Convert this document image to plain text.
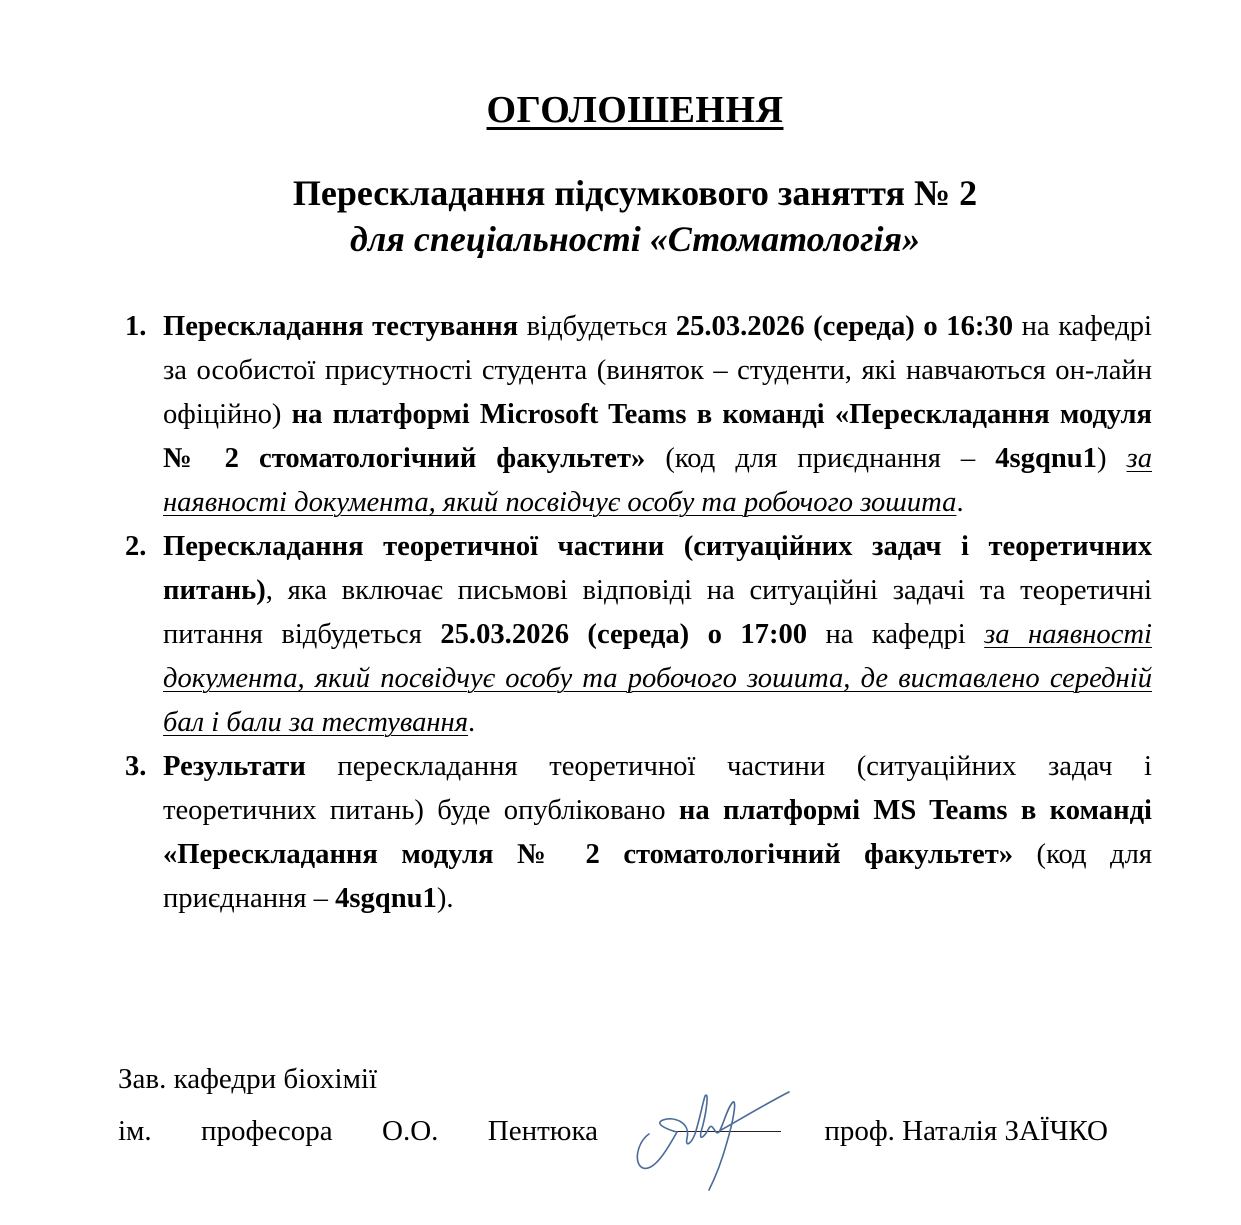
ОГОЛОШЕННЯ
Перескладання підсумкового заняття № 2
для спеціальності «Стоматологія»
1. Перескладання тестування відбудеться 25.03.2026 (середа) о 16:30 на кафедрі за особистої присутності студента (виняток – студенти, які навчаються он-лайн офіційно) на платформі Microsoft Teams в команді «Перескладання модуля № 2 стоматологічний факультет» (код для приєднання – 4sgqnu1) за наявності документа, який посвідчує особу та робочого зошита.
2. Перескладання теоретичної частини (ситуаційних задач і теоретичних питань), яка включає письмові відповіді на ситуаційні задачі та теоретичні питання відбудеться 25.03.2026 (середа) о 17:00 на кафедрі за наявності документа, який посвідчує особу та робочого зошита, де виставлено середній бал і бали за тестування.
3. Результати перескладання теоретичної частини (ситуаційних задач і теоретичних питань) буде опубліковано на платформі MS Teams в команді «Перескладання модуля № 2 стоматологічний факультет» (код для приєднання – 4sgqnu1).
Зав. кафедри біохімії
ім. професора О.О. Пентюка	проф. Наталія ЗАЇЧКО
